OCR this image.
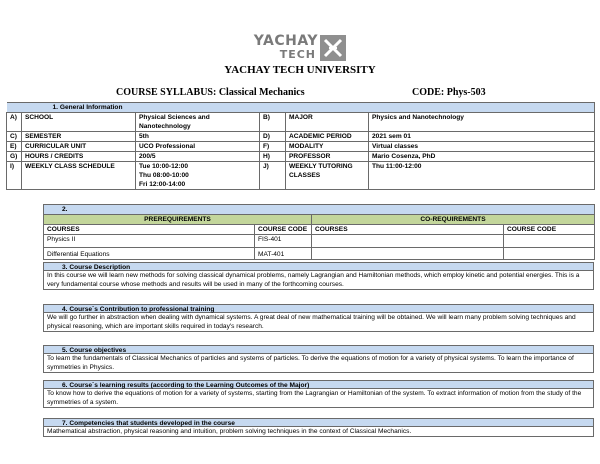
YACHAY
TECH
YACHAY TECH UNIVERSITY
COURSE SYLLABUS: Classical Mechanics	CODE: Phys-503
1. General Information					
A)	SCHOOL	Physical Sciences and Nanotechnology	B)	MAJOR	Physics and Nanotechnology
C)	SEMESTER	5th	D)	ACADEMIC PERIOD	2021 sem 01
E)	CURRICULAR UNIT	UCO Professional	F)	MODALITY	Virtual classes
G)	HOURS / CREDITS	200/5	H)	PROFESSOR	Mario Cosenza, PhD
I)	WEEKLY CLASS SCHEDULE	Tue 10:00-12:00
Thu 08:00-10:00
Fri 12:00-14:00	J)	WEEKLY TUTORING CLASSES	Thu 11:00-12:00
2.			
PREREQUIREMENTS		CO-REQUIREMENTS	
COURSES	COURSE CODE	COURSES	COURSE CODE
Physics II	FIS-401		
Differential Equations	MAT-401		
3. Course Description
In this course we will learn new methods for solving classical dynamical problems, namely Lagrangian and Hamiltonian methods, which employ kinetic and potential energies. This is a very fundamental course whose methods and results will be used in many of the forthcoming courses.
4. Course´s Contribution to professional training
We will go further in abstraction when dealing with dynamical systems. A great deal of new mathematical training will be obtained. We will learn many problem solving techniques and physical reasoning, which are important skills required in today's research.
5. Course objectives
To learn the fundamentals of Classical Mechanics of particles and systems of particles. To derive the equations of motion for a variety of physical systems. To learn the importance of symmetries in Physics.
6. Course´s learning results (according to the Learning Outcomes of the Major)
To know how to derive the equations of motion for a variety of systems, starting from the Lagrangian or Hamiltonian of the system. To extract information of motion from the study of the symmetries of a system.
7. Competencies that students developed in the course
Mathematical abstraction, physical reasoning and intuition, problem solving techniques in the context of Classical Mechanics.
